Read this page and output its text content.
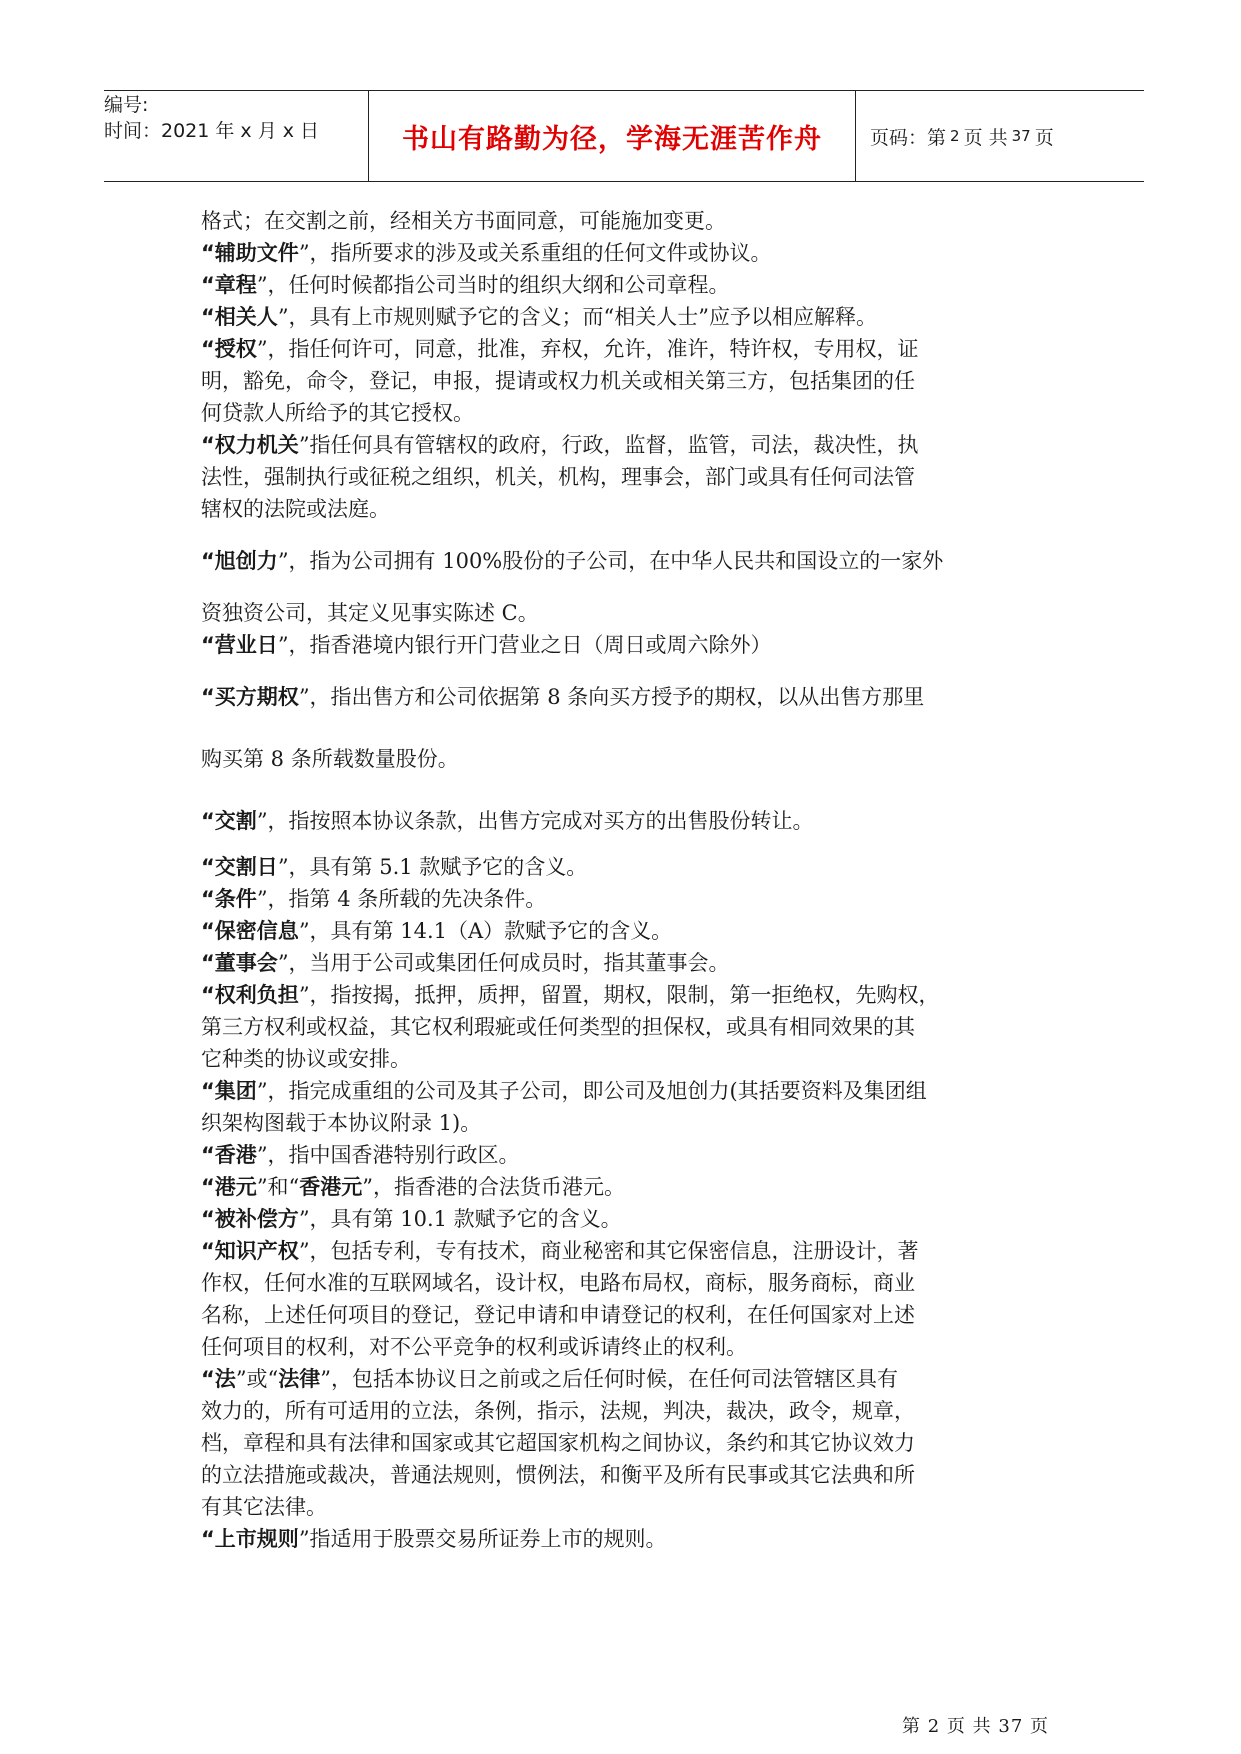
编号:
时间：2021 年 x 月 x 日	书山有路勤为径，学海无涯苦作舟	页码：第 2 页 共 37 页

格式；在交割之前，经相关方书面同意，可能施加变更。

“辅助文件”，指所要求的涉及或关系重组的任何文件或协议。

“章程”，任何时候都指公司当时的组织大纲和公司章程。

“相关人”，具有上市规则赋予它的含义；而“相关人士”应予以相应解释。

“授权”，指任何许可，同意，批准，弃权，允许，准许，特许权，专用权，证

明，豁免，命令，登记，申报，提请或权力机关或相关第三方，包括集团的任

何贷款人所给予的其它授权。

“权力机关”指任何具有管辖权的政府，行政，监督，监管，司法，裁决性，执

法性，强制执行或征税之组织，机关，机构，理事会，部门或具有任何司法管

辖权的法院或法庭。

“旭创力”，指为公司拥有 100%股份的子公司，在中华人民共和国设立的一家外

资独资公司，其定义见事实陈述 C。

“营业日”，指香港境内银行开门营业之日（周日或周六除外）

“买方期权”，指出售方和公司依据第 8 条向买方授予的期权，以从出售方那里

购买第 8 条所载数量股份。

“交割”，指按照本协议条款，出售方完成对买方的出售股份转让。

“交割日”，具有第 5.1 款赋予它的含义。

“条件”，指第 4 条所载的先决条件。

“保密信息”，具有第 14.1（A）款赋予它的含义。

“董事会”，当用于公司或集团任何成员时，指其董事会。

“权利负担”，指按揭，抵押，质押，留置，期权，限制，第一拒绝权，先购权，

第三方权利或权益，其它权利瑕疵或任何类型的担保权，或具有相同效果的其

它种类的协议或安排。

“集团”，指完成重组的公司及其子公司，即公司及旭创力(其括要资料及集团组

织架构图载于本协议附录 1)。

“香港”，指中国香港特别行政区。

“港元”和“香港元”，指香港的合法货币港元。

“被补偿方”，具有第 10.1 款赋予它的含义。

“知识产权”，包括专利，专有技术，商业秘密和其它保密信息，注册设计，著

作权，任何水准的互联网域名，设计权，电路布局权，商标，服务商标，商业

名称，上述任何项目的登记，登记申请和申请登记的权利，在任何国家对上述

任何项目的权利，对不公平竞争的权利或诉请终止的权利。

“法”或“法律”，包括本协议日之前或之后任何时候，在任何司法管辖区具有

效力的，所有可适用的立法，条例，指示，法规，判决，裁决，政令，规章，

档，章程和具有法律和国家或其它超国家机构之间协议，条约和其它协议效力

的立法措施或裁决，普通法规则，惯例法，和衡平及所有民事或其它法典和所

有其它法律。

“上市规则”指适用于股票交易所证券上市的规则。

第 2 页 共 37 页
